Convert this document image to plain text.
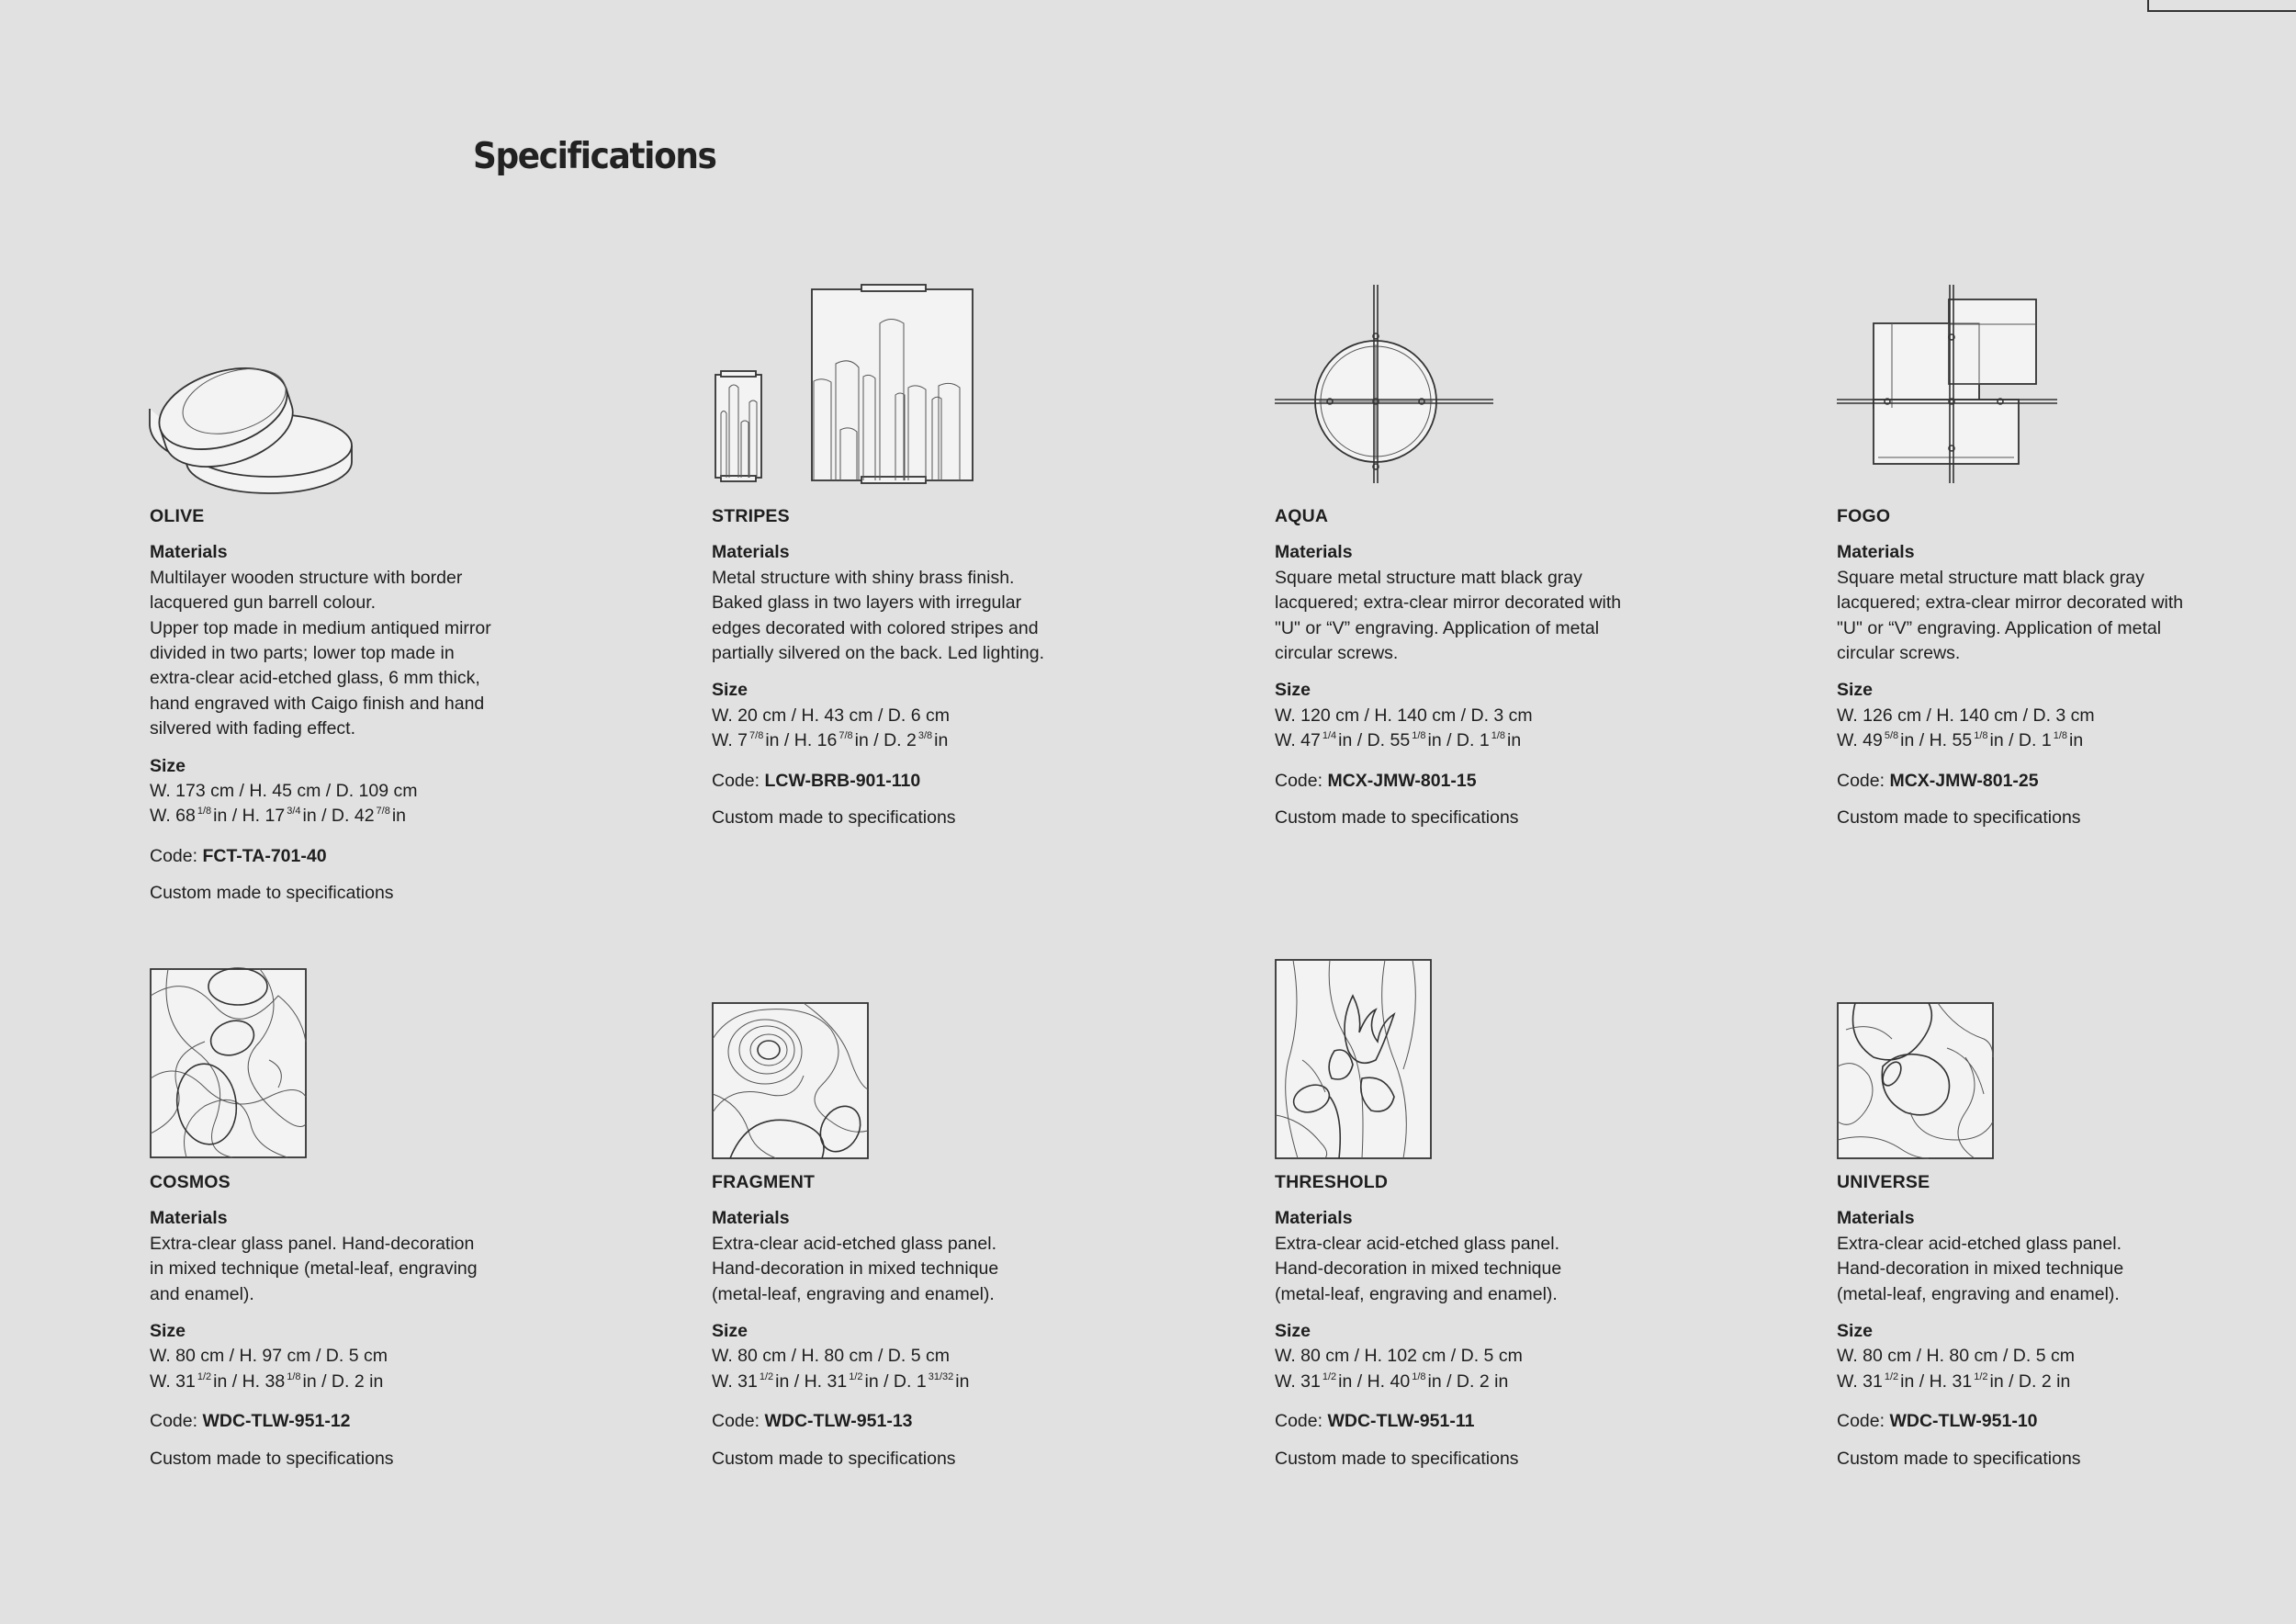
Specifications

OLIVE

Materials

Multilayer wooden structure with border
lacquered gun barrell colour.
Upper top made in medium antiqued mirror
divided in two parts; lower top made in
extra-clear acid-etched glass, 6 mm thick,
hand engraved with Caigo finish and hand
silvered with fading effect.

Size

W. 173 cm / H. 45 cm / D. 109 cm

W. 68 $^{1/8}$ in / H. 17 $^{3/4}$ in / D. 42 $^{7/8}$ in

Code: FCT-TA-701-40

Custom made to specifications

STRIPES

Materials

Metal structure with shiny brass finish.
Baked glass in two layers with irregular
edges decorated with colored stripes and
partially silvered on the back. Led lighting.

Size

W. 20 cm / H. 43 cm / D. 6 cm

W. 7 $^{7/8}$ in / H. 16 $^{7/8}$ in / D. 2 $^{3/8}$ in

Code: LCW-BRB-901-110

Custom made to specifications

AQUA

Materials

Square metal structure matt black gray
lacquered; extra-clear mirror decorated with
"U" or “V” engraving. Application of metal
circular screws.

Size

W. 120 cm / H. 140 cm / D. 3 cm

W. 47 $^{1/4}$ in / D. 55 $^{1/8}$ in / D. 1 $^{1/8}$ in

Code: MCX-JMW-801-15

Custom made to specifications

FOGO

Materials

Square metal structure matt black gray
lacquered; extra-clear mirror decorated with
"U" or “V” engraving. Application of metal
circular screws.

Size

W. 126 cm / H. 140 cm / D. 3 cm

W. 49 $^{5/8}$ in / H. 55 $^{1/8}$ in / D. 1 $^{1/8}$ in

Code: MCX-JMW-801-25

Custom made to specifications

COSMOS

Materials

Extra-clear glass panel. Hand-decoration
in mixed technique (metal-leaf, engraving
and enamel).

Size

W. 80 cm / H. 97 cm / D. 5 cm

W. 31 $^{1/2}$ in / H. 38 $^{1/8}$ in / D. 2 in

Code: WDC-TLW-951-12

Custom made to specifications

FRAGMENT

Materials

Extra-clear acid-etched glass panel.
Hand-decoration in mixed technique
(metal-leaf, engraving and enamel).

Size

W. 80 cm / H. 80 cm / D. 5 cm

W. 31 $^{1/2}$ in / H. 31 $^{1/2}$ in / D. 1 $^{31/32}$ in

Code: WDC-TLW-951-13

Custom made to specifications

THRESHOLD

Materials

Extra-clear acid-etched glass panel.
Hand-decoration in mixed technique
(metal-leaf, engraving and enamel).

Size

W. 80 cm / H. 102 cm / D. 5 cm

W. 31 $^{1/2}$ in / H. 40 $^{1/8}$ in / D. 2 in

Code: WDC-TLW-951-11

Custom made to specifications

UNIVERSE

Materials

Extra-clear acid-etched glass panel.
Hand-decoration in mixed technique
(metal-leaf, engraving and enamel).

Size

W. 80 cm / H. 80 cm / D. 5 cm

W. 31 $^{1/2}$ in / H. 31 $^{1/2}$ in / D. 2 in

Code: WDC-TLW-951-10

Custom made to specifications
